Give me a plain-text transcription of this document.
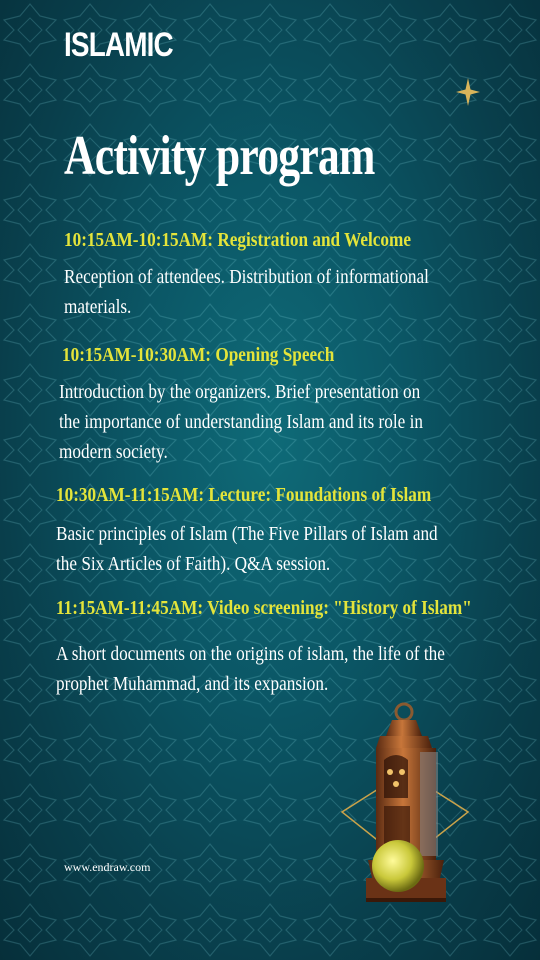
ISLAMIC
Activity program
10:15AM-10:15AM: Registration and Welcome
Reception of attendees. Distribution of informational materials.
10:15AM-10:30AM: Opening Speech
Introduction by the organizers. Brief presentation on the importance of understanding Islam and its role in modern society.
10:30AM-11:15AM: Lecture: Foundations of Islam
Basic principles of Islam (The Five Pillars of Islam and the Six Articles of Faith). Q&A session.
11:15AM-11:45AM: Video screening: "History of Islam"
A short documents on the origins of islam, the life of the prophet Muhammad, and its expansion.
www.endraw.com
